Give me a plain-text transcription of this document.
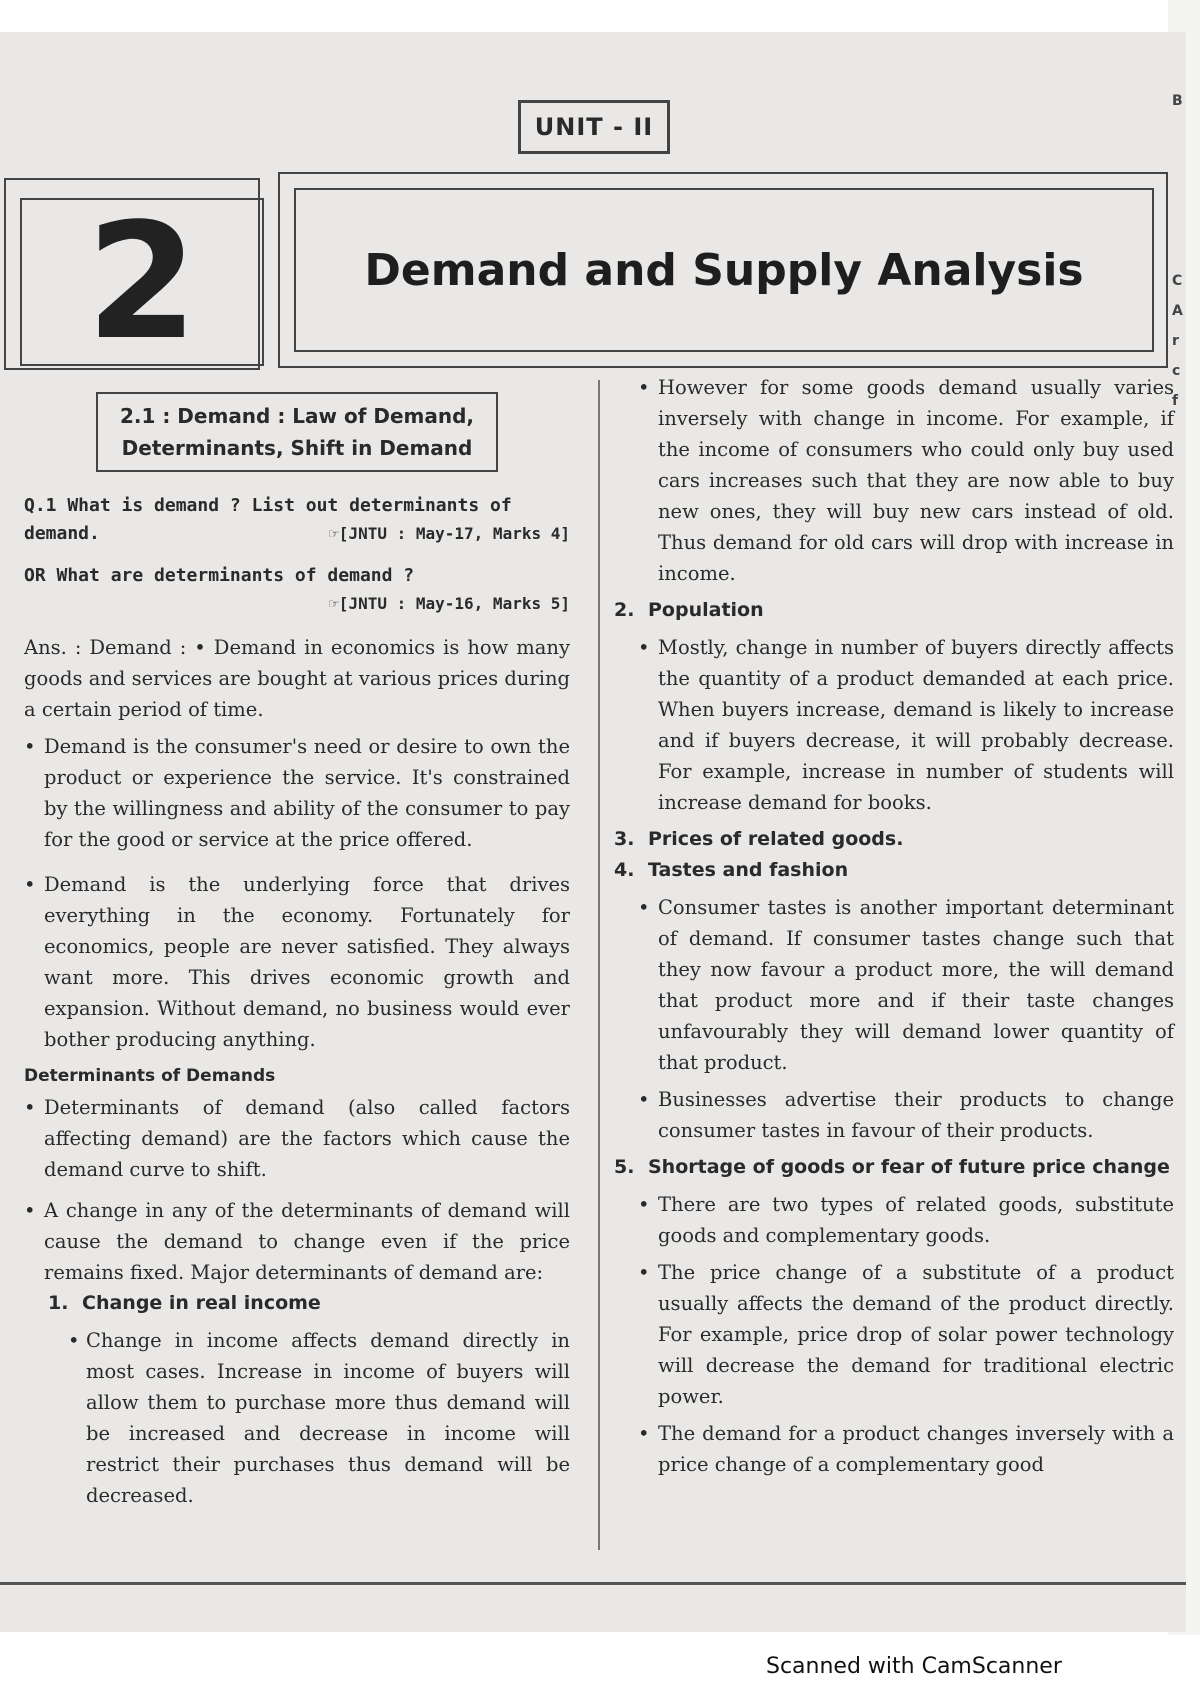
UNIT - II
2	Demand and Supply Analysis
2.1 : Demand : Law of Demand,
Determinants, Shift in Demand
Q.1 What is demand ? List out determinants of
demand.	☞[JNTU : May-17, Marks 4]
OR What are determinants of demand ?
☞[JNTU : May-16, Marks 5]

Ans. : Demand : • Demand in economics is how many goods and services are bought at various prices during a certain period of time.

• Demand is the consumer's need or desire to own the product or experience the service. It's constrained by the willingness and ability of the consumer to pay for the good or service at the price offered.
• Demand is the underlying force that drives everything in the economy. Fortunately for economics, people are never satisfied. They always want more. This drives economic growth and expansion. Without demand, no business would ever bother producing anything.
Determinants of Demands
• Determinants of demand (also called factors affecting demand) are the factors which cause the demand curve to shift.
• A change in any of the determinants of demand will cause the demand to change even if the price remains fixed. Major determinants of demand are:
1. Change in real income
• Change in income affects demand directly in most cases. Increase in income of buyers will allow them to purchase more thus demand will be increased and decrease in income will restrict their purchases thus demand will be decreased.
• However for some goods demand usually varies inversely with change in income. For example, if the income of consumers who could only buy used cars increases such that they are now able to buy new ones, they will buy new cars instead of old. Thus demand for old cars will drop with increase in income.
2. Population
• Mostly, change in number of buyers directly affects the quantity of a product demanded at each price. When buyers increase, demand is likely to increase and if buyers decrease, it will probably decrease. For example, increase in number of students will increase demand for books.
3. Prices of related goods.
4. Tastes and fashion
• Consumer tastes is another important determinant of demand. If consumer tastes change such that they now favour a product more, the will demand that product more and if their taste changes unfavourably they will demand lower quantity of that product.
• Businesses advertise their products to change consumer tastes in favour of their products.
5. Shortage of goods or fear of future price change
• There are two types of related goods, substitute goods and complementary goods.
• The price change of a substitute of a product usually affects the demand of the product directly. For example, price drop of solar power technology will decrease the demand for traditional electric power.
• The demand for a product changes inversely with a price change of a complementary good
B
C
A
r
c
f
Scanned with CamScanner
